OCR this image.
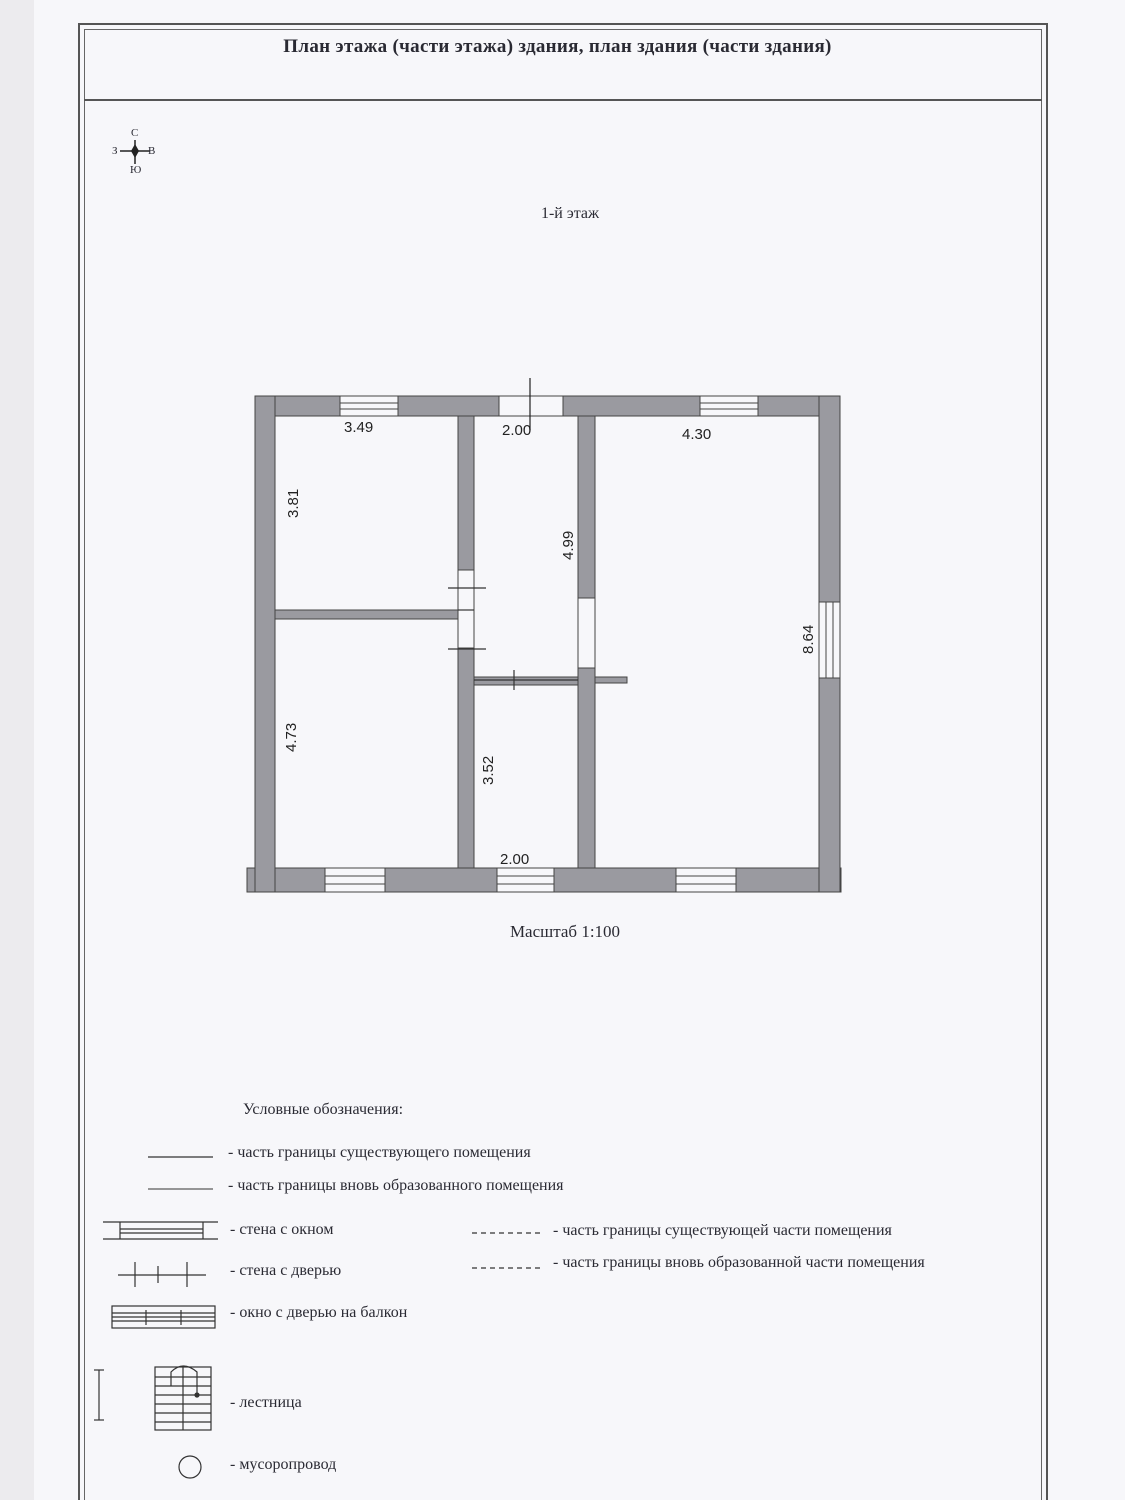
План этажа (части этажа) здания, план здания (части здания)
С
З	В
Ю
1-й этаж
3.49	2.00	4.30
3.81
4.99
8.64
4.73
3.52
2.00
Масштаб 1:100
Условные обозначения:
- часть границы существующего помещения
- часть границы вновь образованного помещения
- стена с окном
- стена с дверью
- окно с дверью на балкон
- лестница
- мусоропровод
- часть границы существующей части помещения
- часть границы вновь образованной части помещения
